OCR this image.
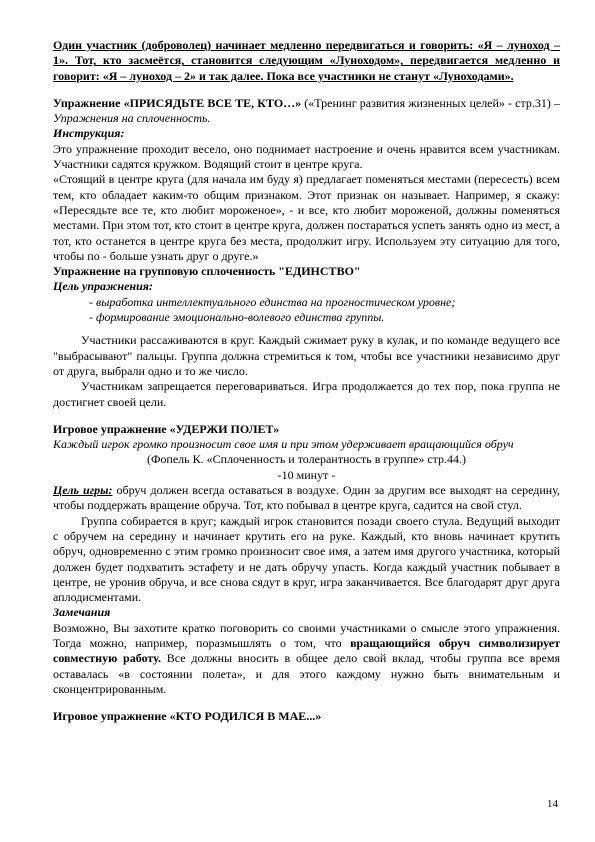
Один участник (доброволец) начинает медленно передвигаться и говорить: «Я – луноход – 1». Тот, кто засмеётся, становится следующим «Луноходом», передвигается медленно и говорит: «Я – луноход – 2» и так далее. Пока все участники не станут «Луноходами».

Упражнение «ПРИСЯДЬТЕ ВСЕ ТЕ, КТО…» («Тренинг развития жизненных целей» - стр.31) – Упражнения на сплоченность.

Инструкция:

Это упражнение проходит весело, оно поднимает настроение и очень нравится всем участникам. Участники садятся кружком. Водящий стоит в центре круга.

«Стоящий в центре круга (для начала им буду я) предлагает поменяться местами (пересесть) всем тем, кто обладает каким-то общим признаком. Этот признак он называет. Например, я скажу: «Пересядьте все те, кто любит мороженое», - и все, кто любит мороженой, должны поменяться местами. При этом тот, кто стоит в центре круга, должен постараться успеть занять одно из мест, а тот, кто останется в центре круга без места, продолжит игру. Используем эту ситуацию для того, чтобы по - больше узнать друг о друге.»

Упражнение на групповую сплоченность "ЕДИНСТВО"

Цель упражнения:

- выработка интеллектуального единства на прогностическом уровне;

- формирование эмоционально-волевого единства группы.

Участники рассаживаются в круг. Каждый сжимает руку в кулак, и по команде ведущего все "выбрасывают" пальцы. Группа должна стремиться к том, чтобы все участники независимо друг от друга, выбрали одно и то же число.

Участникам запрещается переговариваться. Игра продолжается до тех пор, пока группа не достигнет своей цели.

Игровое упражнение «УДЕРЖИ ПОЛЕТ»

Каждый игрок громко произносит свое имя и при этом удерживает вращающийся обруч

(Фопель К. «Сплоченность и толерантность в группе» стр.44.)

-10 минут -

Цель игры: обруч должен всегда оставаться в воздухе. Один за другим все выходят на середину, чтобы поддержать вращение обруча. Тот, кто побывал в центре круга, садится на свой стул.

Группа собирается в круг; каждый игрок становится позади своего стула. Ведущий выходит с обручем на середину и начинает крутить его на руке. Каждый, кто вновь начинает крутить обруч, одновременно с этим громко произносит свое имя, а затем имя другого участника, который должен будет подхватить эстафету и не дать обручу упасть. Когда каждый участник побывает в центре, не уронив обруча, и все снова сядут в круг, игра заканчивается. Все благодарят друг друга аплодисментами.

Замечания

Возможно, Вы захотите кратко поговорить со своими участниками о смысле этого упражнения. Тогда можно, например, поразмышлять о том, что вращающийся обруч символизирует совместную работу. Все должны вносить в общее дело свой вклад, чтобы группа все время оставалась «в состоянии полета», и для этого каждому нужно быть внимательным и сконцентрированным.

Игровое упражнение «КТО РОДИЛСЯ В МАЕ...»

14
